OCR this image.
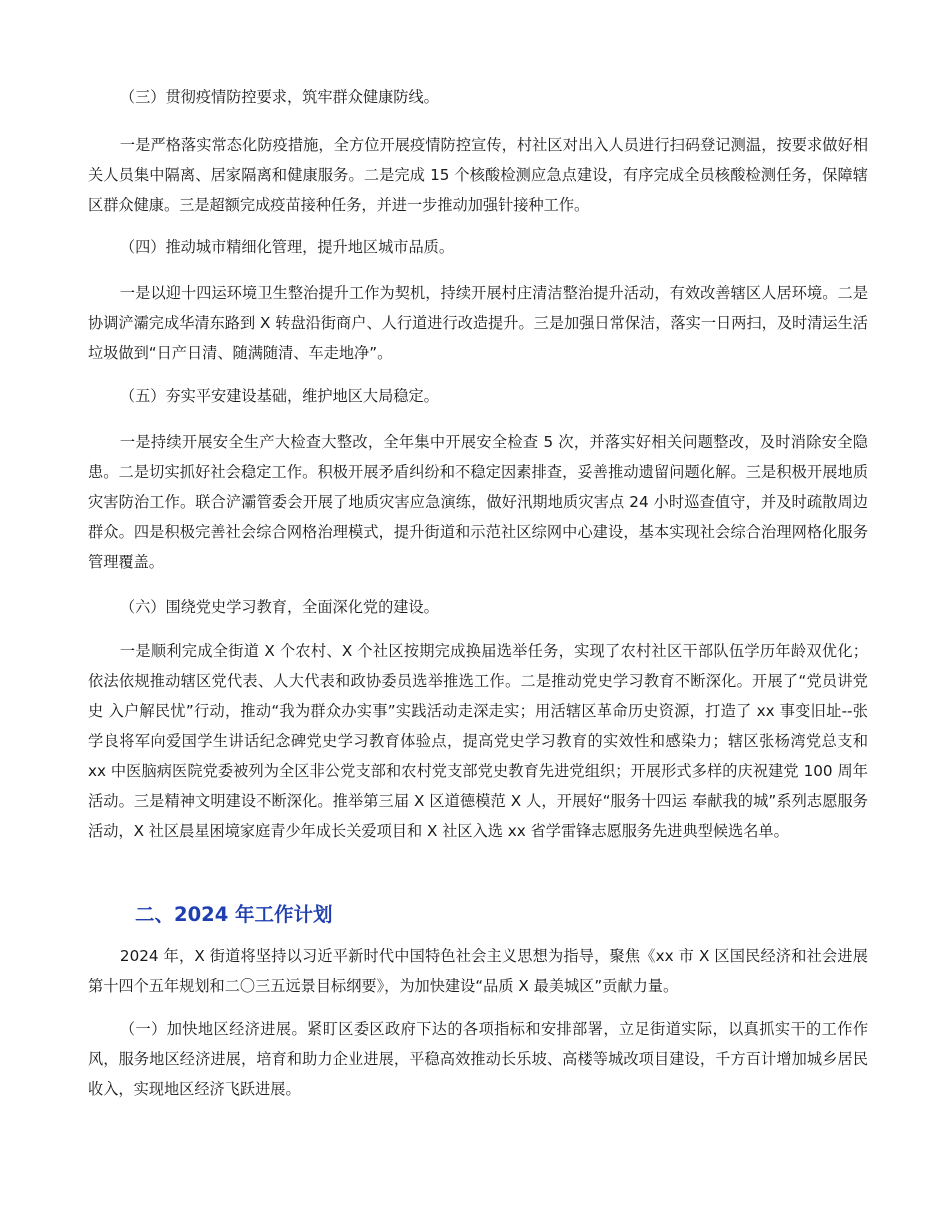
（三）贯彻疫情防控要求，筑牢群众健康防线。

一是严格落实常态化防疫措施，全方位开展疫情防控宣传，村社区对出入人员进行扫码登记测温，按要求做好相关人员集中隔离、居家隔离和健康服务。二是完成 15 个核酸检测应急点建设，有序完成全员核酸检测任务，保障辖区群众健康。三是超额完成疫苗接种任务，并进一步推动加强针接种工作。

（四）推动城市精细化管理，提升地区城市品质。

一是以迎十四运环境卫生整治提升工作为契机，持续开展村庄清洁整治提升活动，有效改善辖区人居环境。二是协调浐灞完成华清东路到 X 转盘沿街商户、人行道进行改造提升。三是加强日常保洁，落实一日两扫，及时清运生活垃圾做到“日产日清、随满随清、车走地净”。

（五）夯实平安建设基础，维护地区大局稳定。

一是持续开展安全生产大检查大整改，全年集中开展安全检查 5 次，并落实好相关问题整改，及时消除安全隐患。二是切实抓好社会稳定工作。积极开展矛盾纠纷和不稳定因素排查，妥善推动遗留问题化解。三是积极开展地质灾害防治工作。联合浐灞管委会开展了地质灾害应急演练，做好汛期地质灾害点 24 小时巡查值守，并及时疏散周边群众。四是积极完善社会综合网格治理模式，提升街道和示范社区综网中心建设，基本实现社会综合治理网格化服务管理覆盖。

（六）围绕党史学习教育，全面深化党的建设。

一是顺利完成全街道 X 个农村、X 个社区按期完成换届选举任务，实现了农村社区干部队伍学历年龄双优化；依法依规推动辖区党代表、人大代表和政协委员选举推选工作。二是推动党史学习教育不断深化。开展了“党员讲党史 入户解民忧”行动，推动“我为群众办实事”实践活动走深走实；用活辖区革命历史资源，打造了 xx 事变旧址--张学良将军向爱国学生讲话纪念碑党史学习教育体验点，提高党史学习教育的实效性和感染力；辖区张杨湾党总支和 xx 中医脑病医院党委被列为全区非公党支部和农村党支部党史教育先进党组织；开展形式多样的庆祝建党 100 周年活动。三是精神文明建设不断深化。推举第三届 X 区道德模范 X 人，开展好“服务十四运 奉献我的城”系列志愿服务活动，X 社区晨星困境家庭青少年成长关爱项目和 X 社区入选 xx 省学雷锋志愿服务先进典型候选名单。

二、2024 年工作计划

2024 年，X 街道将坚持以习近平新时代中国特色社会主义思想为指导，聚焦《xx 市 X 区国民经济和社会进展第十四个五年规划和二〇三五远景目标纲要》，为加快建设“品质 X 最美城区”贡献力量。

（一）加快地区经济进展。紧盯区委区政府下达的各项指标和安排部署，立足街道实际，以真抓实干的工作作风，服务地区经济进展，培育和助力企业进展，平稳高效推动长乐坡、高楼等城改项目建设，千方百计增加城乡居民收入，实现地区经济飞跃进展。
